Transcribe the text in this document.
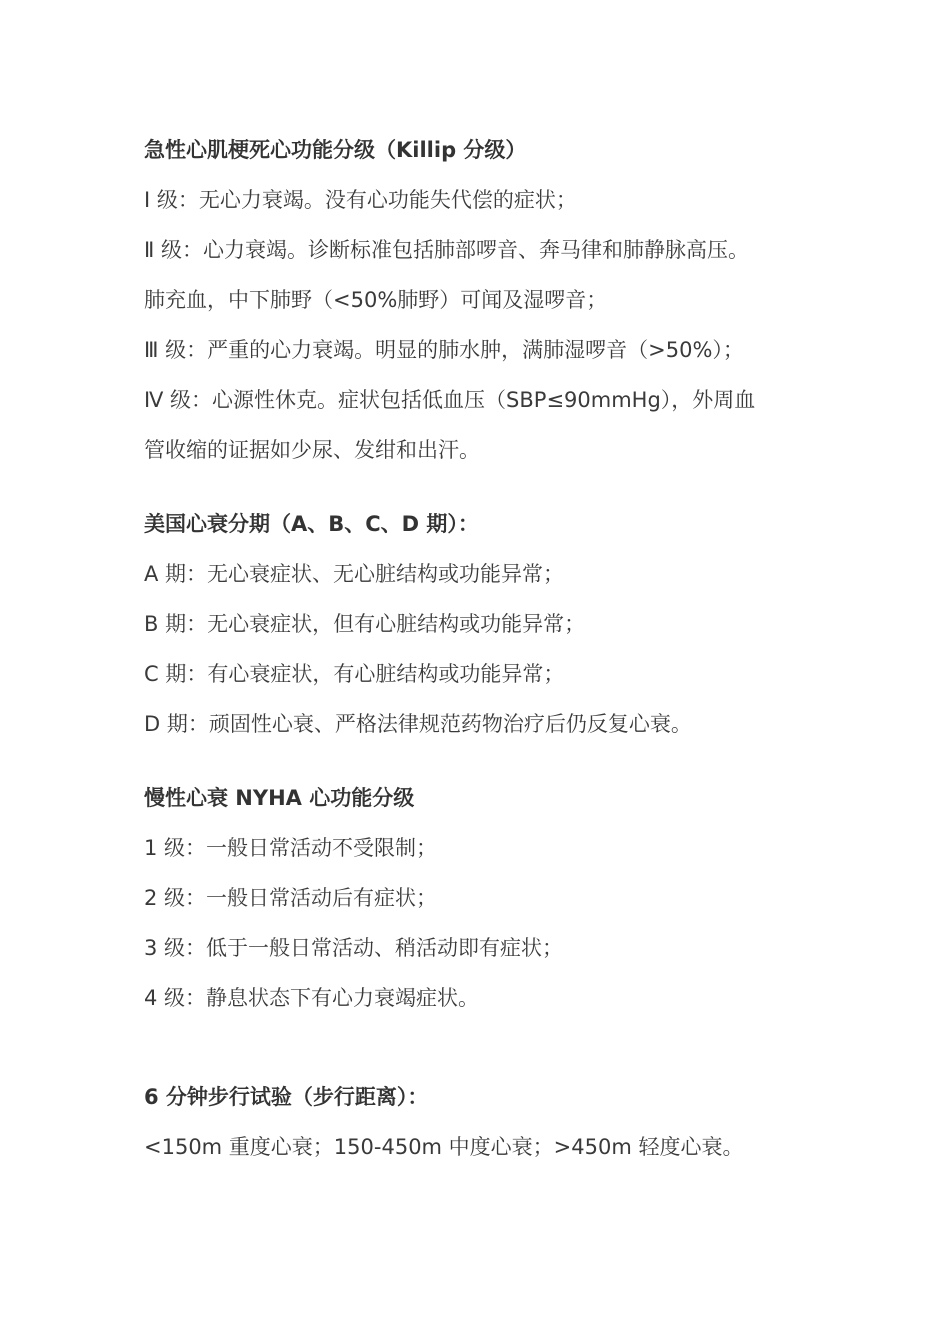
急性心肌梗死心功能分级（Killip 分级）
Ⅰ 级：无心力衰竭。没有心功能失代偿的症状；
Ⅱ 级：心力衰竭。诊断标准包括肺部啰音、奔马律和肺静脉高压。
肺充血，中下肺野（<50%肺野）可闻及湿啰音；
Ⅲ 级：严重的心力衰竭。明显的肺水肿，满肺湿啰音（>50%）；
Ⅳ 级：心源性休克。症状包括低血压（SBP≤90mmHg），外周血
管收缩的证据如少尿、发绀和出汗。
美国心衰分期（A、B、C、D 期）：
A 期：无心衰症状、无心脏结构或功能异常；
B 期：无心衰症状，但有心脏结构或功能异常；
C 期：有心衰症状，有心脏结构或功能异常；
D 期：顽固性心衰、严格法律规范药物治疗后仍反复心衰。
慢性心衰 NYHA 心功能分级
1 级：一般日常活动不受限制；
2 级：一般日常活动后有症状；
3 级：低于一般日常活动、稍活动即有症状；
4 级：静息状态下有心力衰竭症状。
6 分钟步行试验（步行距离）：
<150m 重度心衰；150-450m 中度心衰；>450m 轻度心衰。
